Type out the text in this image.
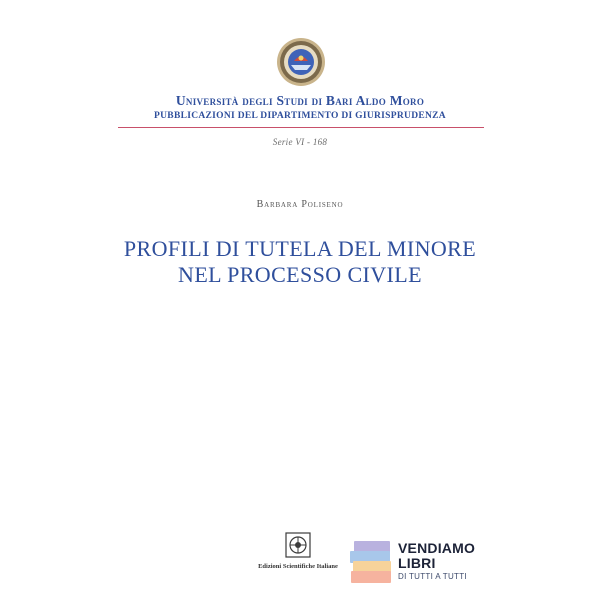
Università degli Studi di Bari Aldo Moro
PUBBLICAZIONI DEL DIPARTIMENTO DI GIURISPRUDENZA
Serie VI - 168
Barbara Poliseno
PROFILI DI TUTELA DEL MINORE
NEL PROCESSO CIVILE
Edizioni Scientifiche Italiane
VENDIAMO
LIBRI
DI TUTTI A TUTTI
